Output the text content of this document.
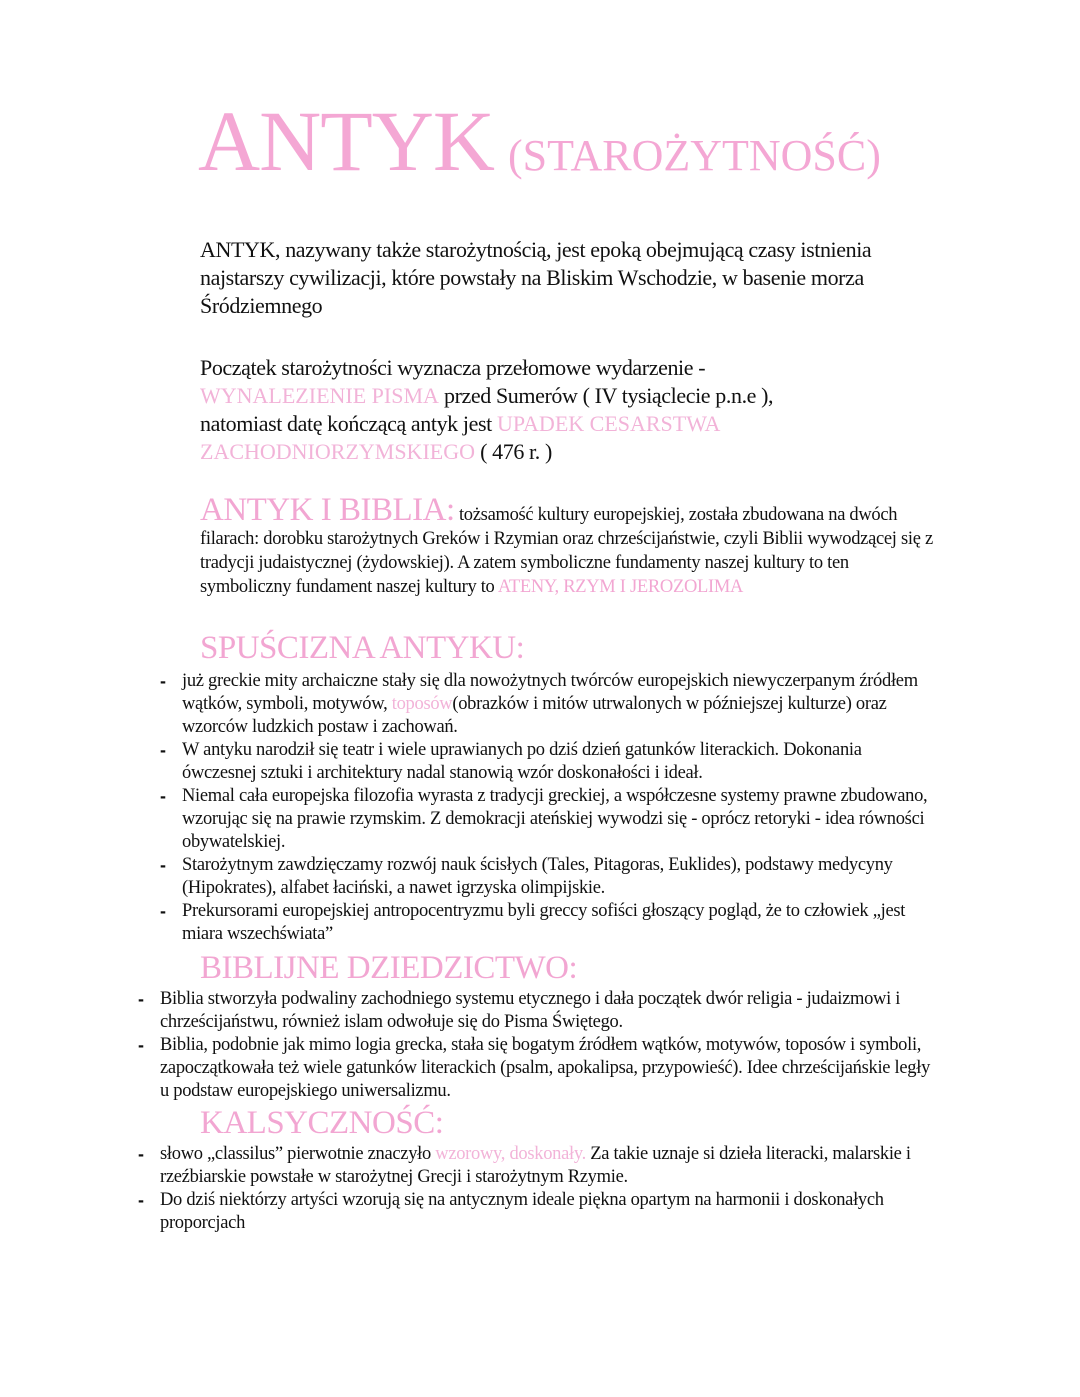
ANTYK (STAROŻYTNOŚĆ)

ANTYK, nazywany także starożytnością, jest epoką obejmującą czasy istnienia najstarszy cywilizacji, które powstały na Bliskim Wschodzie, w basenie morza Śródziemnego

Początek starożytności wyznacza przełomowe wydarzenie - WYNALEZIENIE PISMA przed Sumerów ( IV tysiąclecie p.n.e ), natomiast datę kończącą antyk jest UPADEK CESARSTWA ZACHODNIORZYMSKIEGO ( 476 r. )

ANTYK I BIBLIA: tożsamość kultury europejskiej, została zbudowana na dwóch filarach: dorobku starożytnych Greków i Rzymian oraz chrześcijaństwie, czyli Biblii wywodzącej się z tradycji judaistycznej (żydowskiej). A zatem symboliczne fundamenty naszej kultury to ten symboliczny fundament naszej kultury to ATENY, RZYM I JEROZOLIMA

SPUŚCIZNA ANTYKU:
- już greckie mity archaiczne stały się dla nowożytnych twórców europejskich niewyczerpanym źródłem wątków, symboli, motywów, toposów(obrazków i mitów utrwalonych w późniejszej kulturze) oraz wzorców ludzkich postaw i zachowań.
- W antyku narodził się teatr i wiele uprawianych po dziś dzień gatunków literackich. Dokonania ówczesnej sztuki i architektury nadal stanowią wzór doskonałości i ideał.
- Niemal cała europejska filozofia wyrasta z tradycji greckiej, a współczesne systemy prawne zbudowano, wzorując się na prawie rzymskim. Z demokracji ateńskiej wywodzi się - oprócz retoryki - idea równości obywatelskiej.
- Starożytnym zawdzięczamy rozwój nauk ścisłych (Tales, Pitagoras, Euklides), podstawy medycyny (Hipokrates), alfabet łaciński, a nawet igrzyska olimpijskie.
- Prekursorami europejskiej antropocentryzmu byli greccy sofiści głoszący pogląd, że to człowiek „jest miara wszechświata”
BIBLIJNE DZIEDZICTWO:
- Biblia stworzyła podwaliny zachodniego systemu etycznego i dała początek dwór religia - judaizmowi i chrześcijaństwu, również islam odwołuje się do Pisma Świętego.
- Biblia, podobnie jak mimo logia grecka, stała się bogatym źródłem wątków, motywów, toposów i symboli, zapoczątkowała też wiele gatunków literackich (psalm, apokalipsa, przypowieść). Idee chrześcijańskie legły u podstaw europejskiego uniwersalizmu.
KALSYCZNOŚĆ:
- słowo „classilus” pierwotnie znaczyło wzorowy, doskonały. Za takie uznaje si dzieła literacki, malarskie i rzeźbiarskie powstałe w starożytnej Grecji i starożytnym Rzymie.
- Do dziś niektórzy artyści wzorują się na antycznym ideale piękna opartym na harmonii i doskonałych proporcjach
